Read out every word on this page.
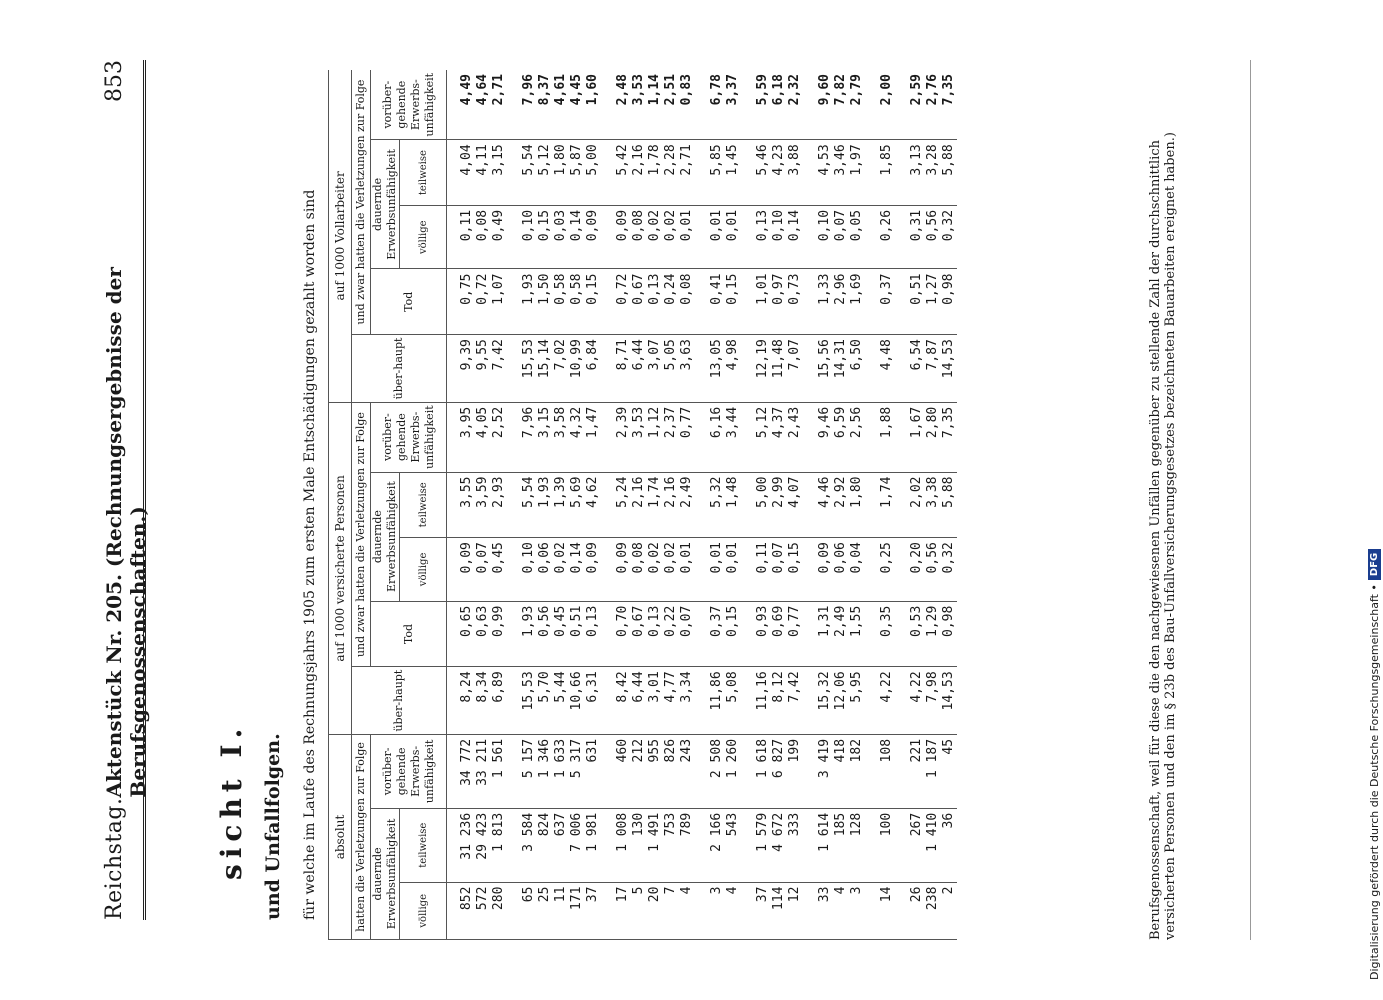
Reichstag.
Aktenstück Nr. 205. (Rechnungsergebnisse der Berufsgenossenschaften.)
853
sicht I. und Unfallfolgen. für welche im Laufe des Rechnungsjahrs 1905 zum ersten Male Entschädigungen gezahlt worden sind absolut			auf 1000 versicherte Personen					auf 1000 Vollarbeiter				
hatten die Verletzungen zur Folge			über-haupt	und zwar hatten die Verletzungen zur Folge				über-haupt	und zwar hatten die Verletzungen zur Folge			
dauernde Erwerbsunfähigkeit		vorüber-gehende Erwerbs-unfähigkeit		Tod	dauernde Erwerbsunfähigkeit		vorüber-gehende Erwerbs-unfähigkeit		Tod	dauernde Erwerbsunfähigkeit		vorüber-gehende Erwerbs-unfähigkeit
völlige	teilweise				völlige	teilweise				völlige	teilweise	
852	31 236	34 772	8,24	0,65	0,09	3,55	3,95	9,39	0,75	0,11	4,04	4,49
572	29 423	33 211	8,34	0,63	0,07	3,59	4,05	9,55	0,72	0,08	4,11	4,64
280	1 813	1 561	6,89	0,99	0,45	2,93	2,52	7,42	1,07	0,49	3,15	2,71

65	3 584	5 157	15,53	1,93	0,10	5,54	7,96	15,53	1,93	0,10	5,54	7,96
25	824	1 346	5,70	0,56	0,06	1,93	3,15	15,14	1,50	0,15	5,12	8,37
11	637	1 633	5,44	0,45	0,02	1,39	3,58	7,02	0,58	0,03	1,80	4,61
171	7 006	5 317	10,66	0,51	0,14	5,69	4,32	10,99	0,58	0,14	5,87	4,45
37	1 981	631	6,31	0,13	0,09	4,62	1,47	6,84	0,15	0,09	5,00	1,60

17	1 008	460	8,42	0,70	0,09	5,24	2,39	8,71	0,72	0,09	5,42	2,48
5	130	212	6,44	0,67	0,08	2,16	3,53	6,44	0,67	0,08	2,16	3,53
20	1 491	955	3,01	0,13	0,02	1,74	1,12	3,07	0,13	0,02	1,78	1,14
7	753	826	4,77	0,22	0,02	2,16	2,37	5,05	0,24	0,02	2,28	2,51
4	789	243	3,34	0,07	0,01	2,49	0,77	3,63	0,08	0,01	2,71	0,83

3	2 166	2 508	11,86	0,37	0,01	5,32	6,16	13,05	0,41	0,01	5,85	6,78
4	543	1 260	5,08	0,15	0,01	1,48	3,44	4,98	0,15	0,01	1,45	3,37

37	1 579	1 618	11,16	0,93	0,11	5,00	5,12	12,19	1,01	0,13	5,46	5,59
114	4 672	6 827	8,12	0,69	0,07	2,99	4,37	11,48	0,97	0,10	4,23	6,18
12	333	199	7,42	0,77	0,15	4,07	2,43	7,07	0,73	0,14	3,88	2,32

33	1 614	3 419	15,32	1,31	0,09	4,46	9,46	15,56	1,33	0,10	4,53	9,60
4	185	418	12,06	2,49	0,06	2,92	6,59	14,31	2,96	0,07	3,46	7,82
3	128	182	5,95	1,55	0,04	1,80	2,56	6,50	1,69	0,05	1,97	2,79

14	100	108	4,22	0,35	0,25	1,74	1,88	4,48	0,37	0,26	1,85	2,00

26	267	221	4,22	0,53	0,20	2,02	1,67	6,54	0,51	0,31	3,13	2,59
238	1 410	1 187	7,98	1,29	0,56	3,38	2,80	7,87	1,27	0,56	3,28	2,76
2	36	45	14,53	0,98	0,32	5,88	7,35	14,53	0,98	0,32	5,88	7,35
Berufsgenossenschaft, weil für diese die den nachgewiesenen Unfällen gegenüber zu stellende Zahl der durchschnittlich versicherten Personen und den im § 23b des Bau-Unfallversicherungsgesetzes bezeichneten Bauarbeiten ereignet haben.)	Digitalisierung gefördert durch die Deutsche Forschungsgemeinschaft •
DFG
